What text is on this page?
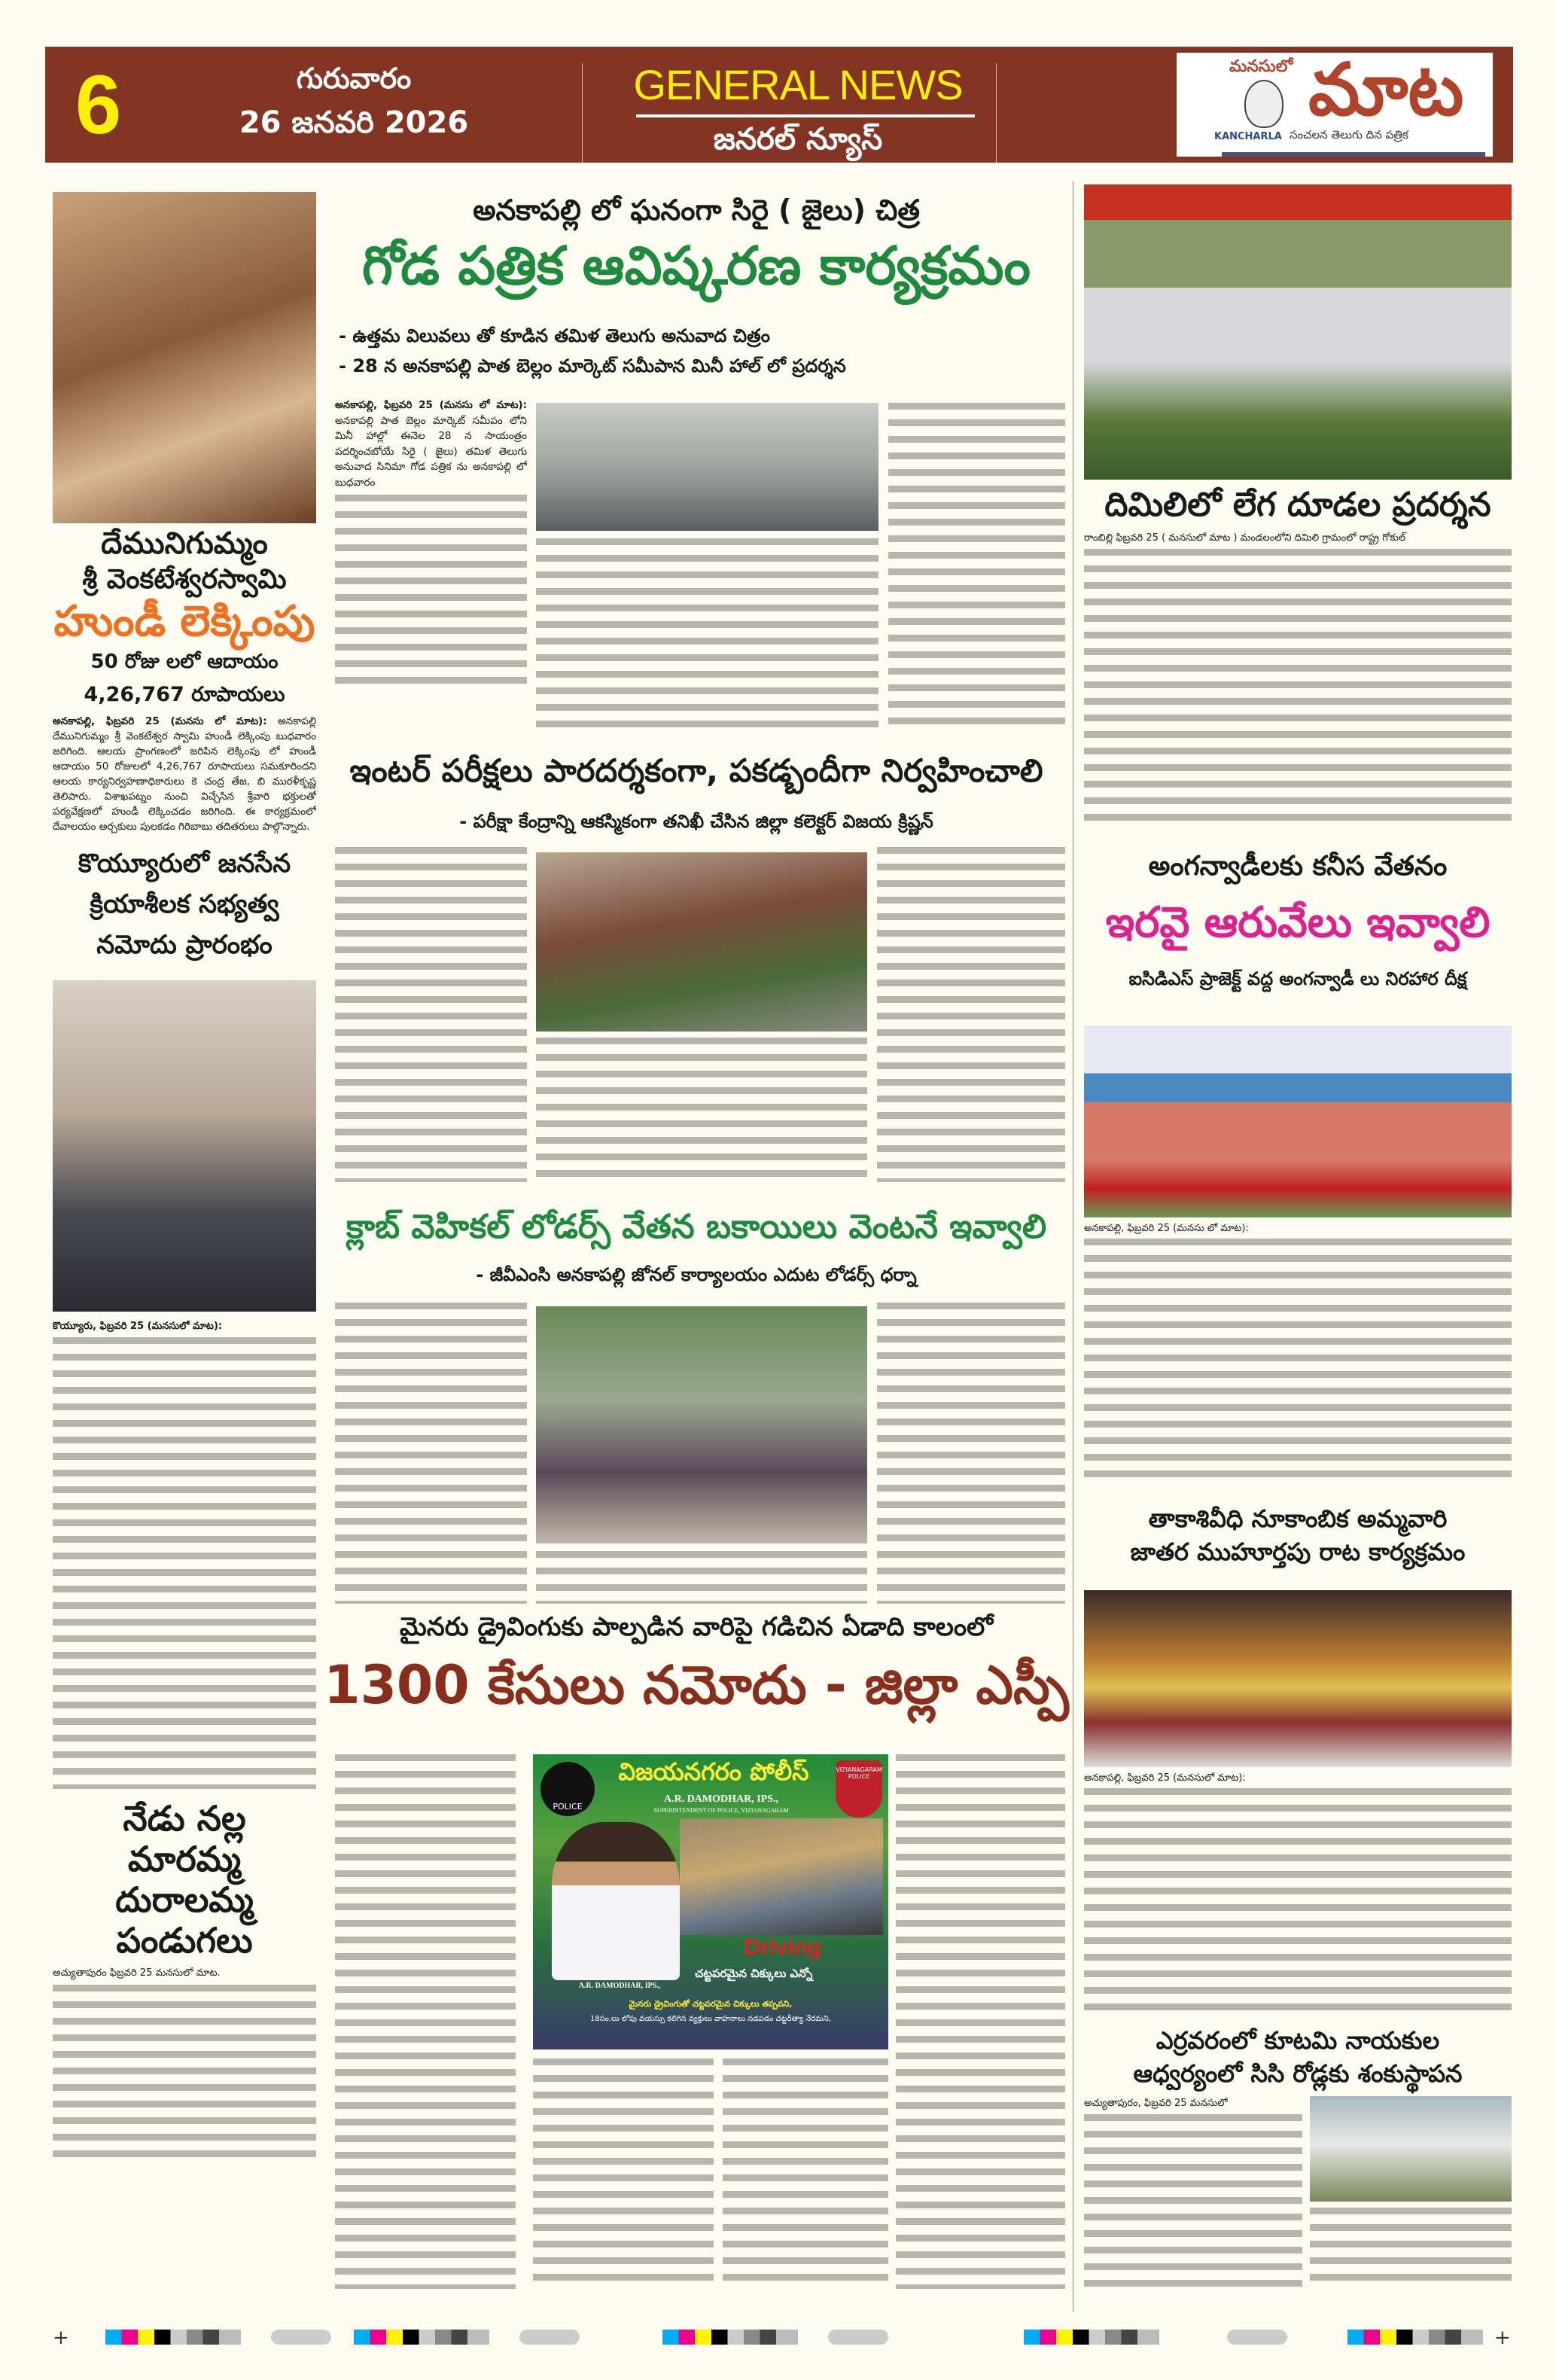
6	గురువారం
26 జనవరి 2026
GENERAL NEWS
జనరల్ న్యూస్
మనసులో మాట
KANCHARLA సంచలన తెలుగు దిన పత్రిక
దేమునిగుమ్మం
శ్రీ వెంకటేశ్వరస్వామి
హుండీ లెక్కింపు
50 రోజు లలో ఆదాయం
4,26,767 రూపాయలు
అనకాపల్లి, ఫిబ్రవరి 25 (మనసు లో మాట): అనకాపల్లి దేమునిగుమ్మం శ్రీ వెంకటేశ్వర స్వామి హుండీ లెక్కింపు బుధవారం జరిగింది. ఆలయ ప్రాంగణంలో జరిపిన లెక్కింపు లో హుండీ ఆదాయం 50 రోజులలో 4,26,767 రూపాయలు సమకూరిందని ఆలయ కార్యనిర్వహణాధికారులు కె చంద్ర తేజ, బి మురళీకృష్ణ తెలిపారు. విశాఖపట్నం నుంచి విచ్చేసిన శ్రీవారి భక్తులతో పర్యవేక్షణలో హుండీ లెక్కించడం జరిగింది. ఈ కార్యక్రమంలో దేవాలయం అర్చకులు పులకడం గిరిబాబు తదితరులు పాల్గొన్నారు.
కొయ్యూరులో జనసేన
క్రియాశీలక సభ్యత్వ
నమోదు ప్రారంభం
కొయ్యూరు, ఫిబ్రవరి 25 (మనసులో మాట):
నేడు నల్ల
మారమ్మ
దురాలమ్మ
పండుగలు
అచ్యుతాపురం ఫిబ్రవరి 25 మనసులో మాట.
అనకాపల్లి లో ఘనంగా సిరై ( జైలు) చిత్ర
గోడ పత్రిక ఆవిష్కరణ కార్యక్రమం
- ఉత్తమ విలువలు తో కూడిన తమిళ తెలుగు అనువాద చిత్రం
- 28 న అనకాపల్లి పాత బెల్లం మార్కెట్ సమీపాన మినీ హాల్ లో ప్రదర్శన
అనకాపల్లి, ఫిబ్రవరి 25 (మనసు లో మాట): అనకాపల్లి పాత బెల్లం మార్కెట్ సమీపం లోని మినీ హాల్లో ఈనెల 28 న సాయంత్రం పదర్శించబోయే సిరై ( జైలు) తమిళ తెలుగు అనువాద సినిమా గోడ పత్రిక ను అనకాపల్లి లో బుధవారం
ఇంటర్ పరీక్షలు పారదర్శకంగా, పకడ్బందీగా నిర్వహించాలి
- పరీక్షా కేంద్రాన్ని ఆకస్మికంగా తనిఖీ చేసిన జిల్లా కలెక్టర్ విజయ క్రిష్ణన్
క్లాబ్ వెహికల్ లోడర్స్ వేతన బకాయిలు వెంటనే ఇవ్వాలి
- జీవీఎంసి అనకాపల్లి జోనల్ కార్యాలయం ఎదుట లోడర్స్ ధర్నా
మైనరు డ్రైవింగుకు పాల్పడిన వారిపై గడిచిన ఏడాది కాలంలో
1300 కేసులు నమోదు - జిల్లా ఎస్పీ
విజయనగరం పోలీస్
POLICE
VIZIANAGARAM POLICE
A.R. DAMODHAR, IPS.,
SUPERINTENDENT OF POLICE, VIZIANAGARAM
Driving
చట్టపరమైన చిక్కులు ఎన్నో
A.R. DAMODHAR, IPS.,
మైనరు డ్రైవింగుతో చట్టపరమైన చిక్కులు తప్పవని,
18సం.లు లోపు వయస్సు కలిగిన వ్యక్తులు వాహనాలు నడపడం చట్టరీత్యా నేరమని,
దిమిలిలో లేగ దూడల ప్రదర్శన
రాంబిల్లి ఫిబ్రవరి 25 ( మనసులో మాట ) మండలంలోని దిమిలి గ్రామంలో రాష్ట్ర గోకుల్
అంగన్వాడీలకు కనీస వేతనం
ఇరవై ఆరువేలు ఇవ్వాలి
ఐసిడిఎస్ ప్రాజెక్ట్ వద్ద అంగన్వాడీ లు నిరహార దీక్ష
అనకాపల్లి, ఫిబ్రవరి 25 (మనసు లో మాట):
తాకాశివీధి నూకాంబిక అమ్మవారి
జాతర ముహూర్తపు రాట కార్యక్రమం
అనకాపల్లి, ఫిబ్రవరి 25 (మనసులో మాట):
ఎర్రవరంలో కూటమి నాయకుల
ఆధ్వర్యంలో సిసి రోడ్లకు శంకుస్థాపన
అచ్యుతాపురం, ఫిబ్రవరి 25 మనసులో
+	+
